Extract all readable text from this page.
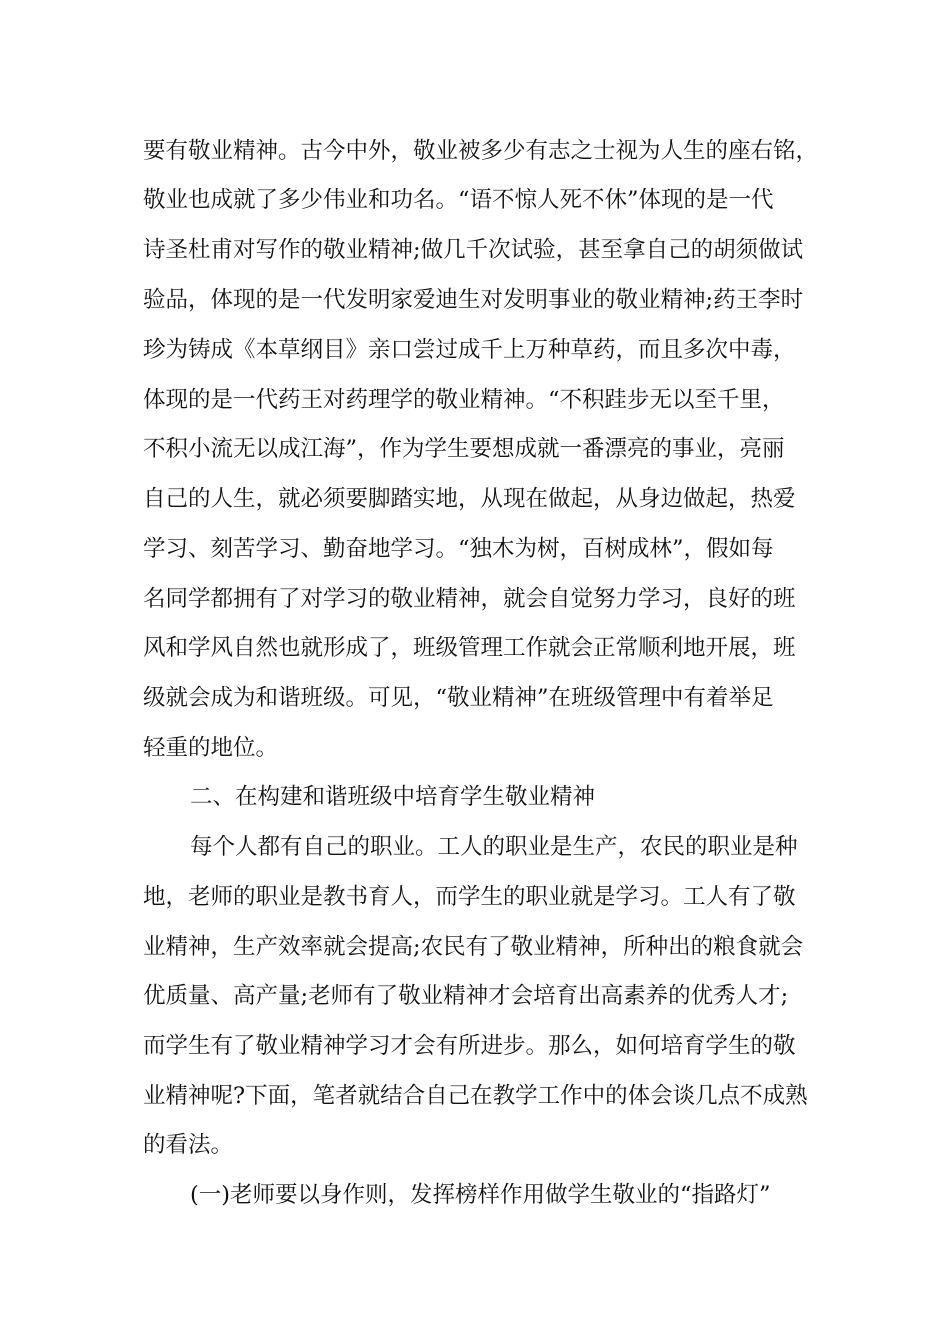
要有敬业精神。古今中外，敬业被多少有志之士视为人生的座右铭，
敬业也成就了多少伟业和功名。“语不惊人死不休”体现的是一代
诗圣杜甫对写作的敬业精神;做几千次试验，甚至拿自己的胡须做试
验品，体现的是一代发明家爱迪生对发明事业的敬业精神;药王李时
珍为铸成《本草纲目》亲口尝过成千上万种草药，而且多次中毒，
体现的是一代药王对药理学的敬业精神。“不积跬步无以至千里，
不积小流无以成江海”，作为学生要想成就一番漂亮的事业，亮丽
自己的人生，就必须要脚踏实地，从现在做起，从身边做起，热爱
学习、刻苦学习、勤奋地学习。“独木为树，百树成林”，假如每
名同学都拥有了对学习的敬业精神，就会自觉努力学习，良好的班
风和学风自然也就形成了，班级管理工作就会正常顺利地开展，班
级就会成为和谐班级。可见，“敬业精神”在班级管理中有着举足
轻重的地位。
二、在构建和谐班级中培育学生敬业精神
每个人都有自己的职业。工人的职业是生产，农民的职业是种
地，老师的职业是教书育人，而学生的职业就是学习。工人有了敬
业精神，生产效率就会提高;农民有了敬业精神，所种出的粮食就会
优质量、高产量;老师有了敬业精神才会培育出高素养的优秀人才;
而学生有了敬业精神学习才会有所进步。那么，如何培育学生的敬
业精神呢?下面，笔者就结合自己在教学工作中的体会谈几点不成熟
的看法。
(一)老师要以身作则，发挥榜样作用做学生敬业的“指路灯”
